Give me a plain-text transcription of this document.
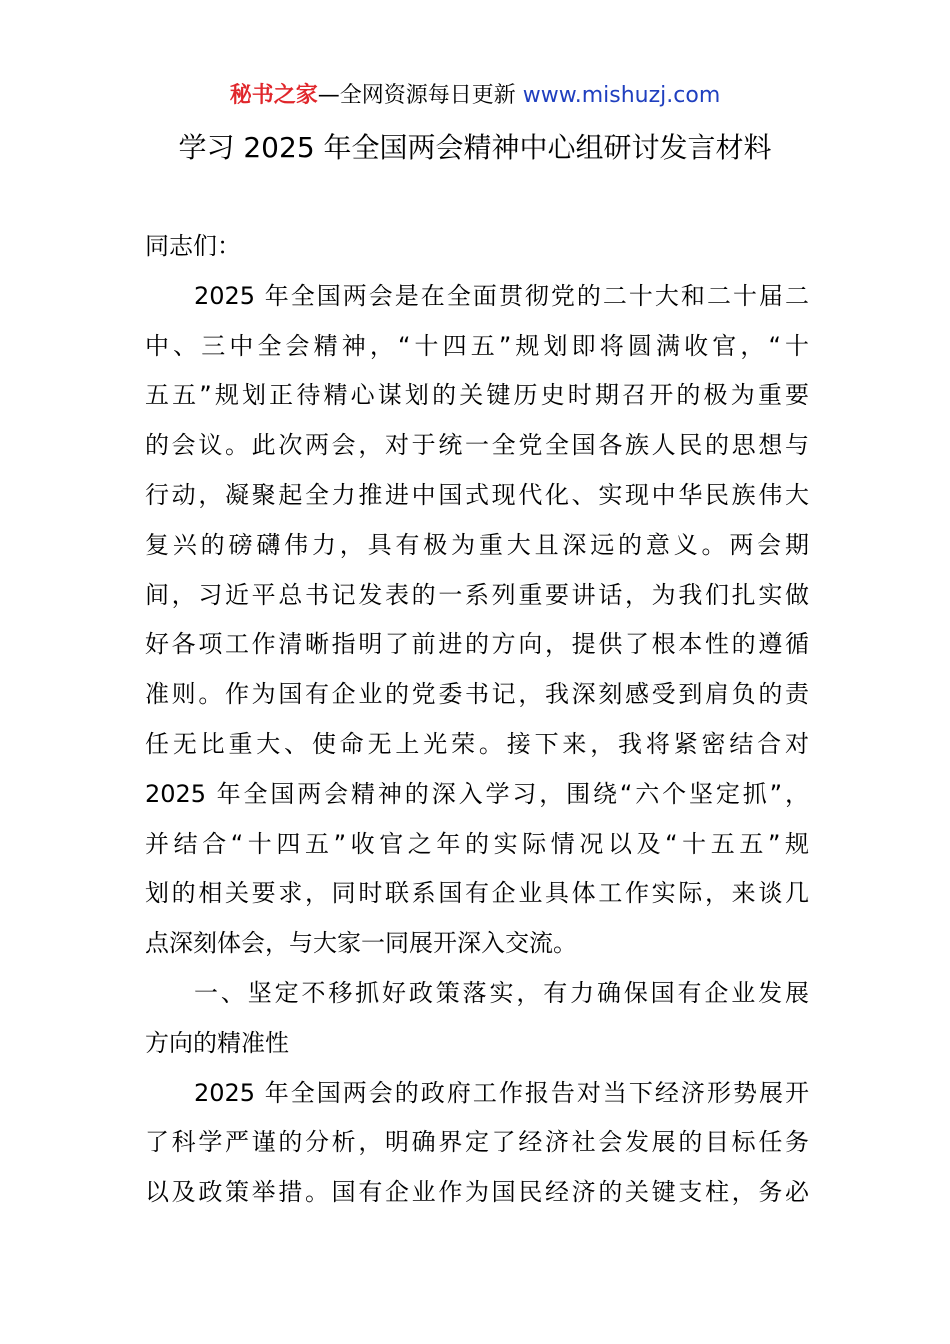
秘书之家—全网资源每日更新 www.mishuzj.com
学习 2025 年全国两会精神中心组研讨发言材料
同志们：
2025 年全国两会是在全面贯彻党的二十大和二十届二
中、三中全会精神，“十四五”规划即将圆满收官，“十
五五”规划正待精心谋划的关键历史时期召开的极为重要
的会议。此次两会，对于统一全党全国各族人民的思想与
行动，凝聚起全力推进中国式现代化、实现中华民族伟大
复兴的磅礴伟力，具有极为重大且深远的意义。两会期
间，习近平总书记发表的一系列重要讲话，为我们扎实做
好各项工作清晰指明了前进的方向，提供了根本性的遵循
准则。作为国有企业的党委书记，我深刻感受到肩负的责
任无比重大、使命无上光荣。接下来，我将紧密结合对
2025 年全国两会精神的深入学习，围绕“六个坚定抓”，
并结合“十四五”收官之年的实际情况以及“十五五”规
划的相关要求，同时联系国有企业具体工作实际，来谈几
点深刻体会，与大家一同展开深入交流。
一、坚定不移抓好政策落实，有力确保国有企业发展
方向的精准性
2025 年全国两会的政府工作报告对当下经济形势展开
了科学严谨的分析，明确界定了经济社会发展的目标任务
以及政策举措。国有企业作为国民经济的关键支柱，务必
